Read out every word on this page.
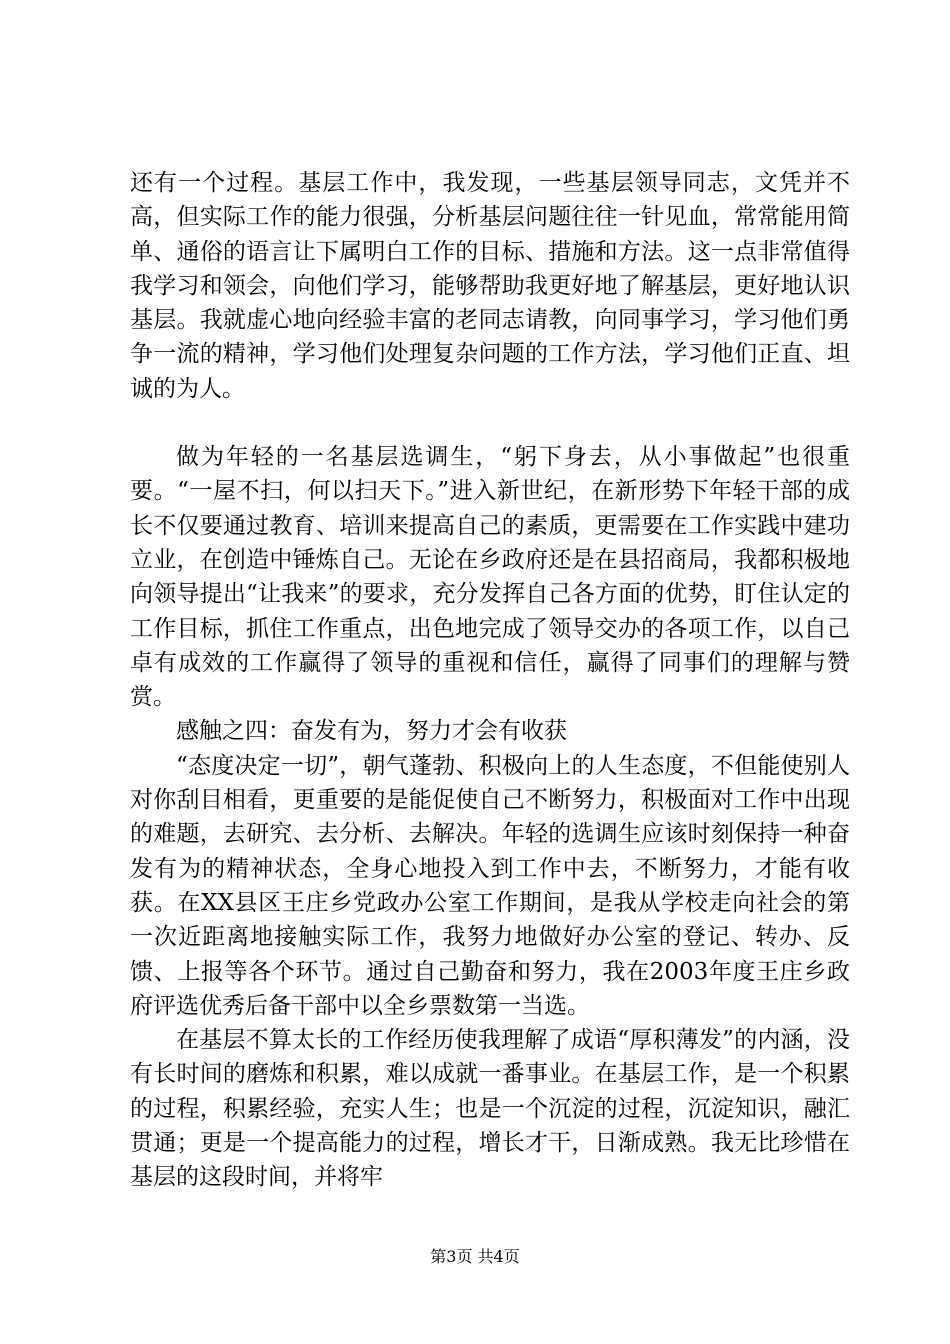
还有一个过程。基层工作中，我发现，一些基层领导同志，文凭并不高，但实际工作的能力很强，分析基层问题往往一针见血，常常能用简单、通俗的语言让下属明白工作的目标、措施和方法。这一点非常值得我学习和领会，向他们学习，能够帮助我更好地了解基层，更好地认识基层。我就虚心地向经验丰富的老同志请教，向同事学习，学习他们勇争一流的精神，学习他们处理复杂问题的工作方法，学习他们正直、坦诚的为人。

做为年轻的一名基层选调生，“躬下身去，从小事做起”也很重要。“一屋不扫，何以扫天下。”进入新世纪，在新形势下年轻干部的成长不仅要通过教育、培训来提高自己的素质，更需要在工作实践中建功立业，在创造中锤炼自己。无论在乡政府还是在县招商局，我都积极地向领导提出“让我来”的要求，充分发挥自己各方面的优势，盯住认定的工作目标，抓住工作重点，出色地完成了领导交办的各项工作，以自己卓有成效的工作赢得了领导的重视和信任，赢得了同事们的理解与赞赏。

感触之四：奋发有为，努力才会有收获

“态度决定一切”，朝气蓬勃、积极向上的人生态度，不但能使别人对你刮目相看，更重要的是能促使自己不断努力，积极面对工作中出现的难题，去研究、去分析、去解决。年轻的选调生应该时刻保持一种奋发有为的精神状态，全身心地投入到工作中去，不断努力，才能有收获。在XX县区王庄乡党政办公室工作期间，是我从学校走向社会的第一次近距离地接触实际工作，我努力地做好办公室的登记、转办、反馈、上报等各个环节。通过自己勤奋和努力，我在2003年度王庄乡政府评选优秀后备干部中以全乡票数第一当选。

在基层不算太长的工作经历使我理解了成语“厚积薄发”的内涵，没有长时间的磨炼和积累，难以成就一番事业。在基层工作，是一个积累的过程，积累经验，充实人生；也是一个沉淀的过程，沉淀知识，融汇贯通；更是一个提高能力的过程，增长才干，日渐成熟。我无比珍惜在基层的这段时间，并将牢

第3页 共4页
